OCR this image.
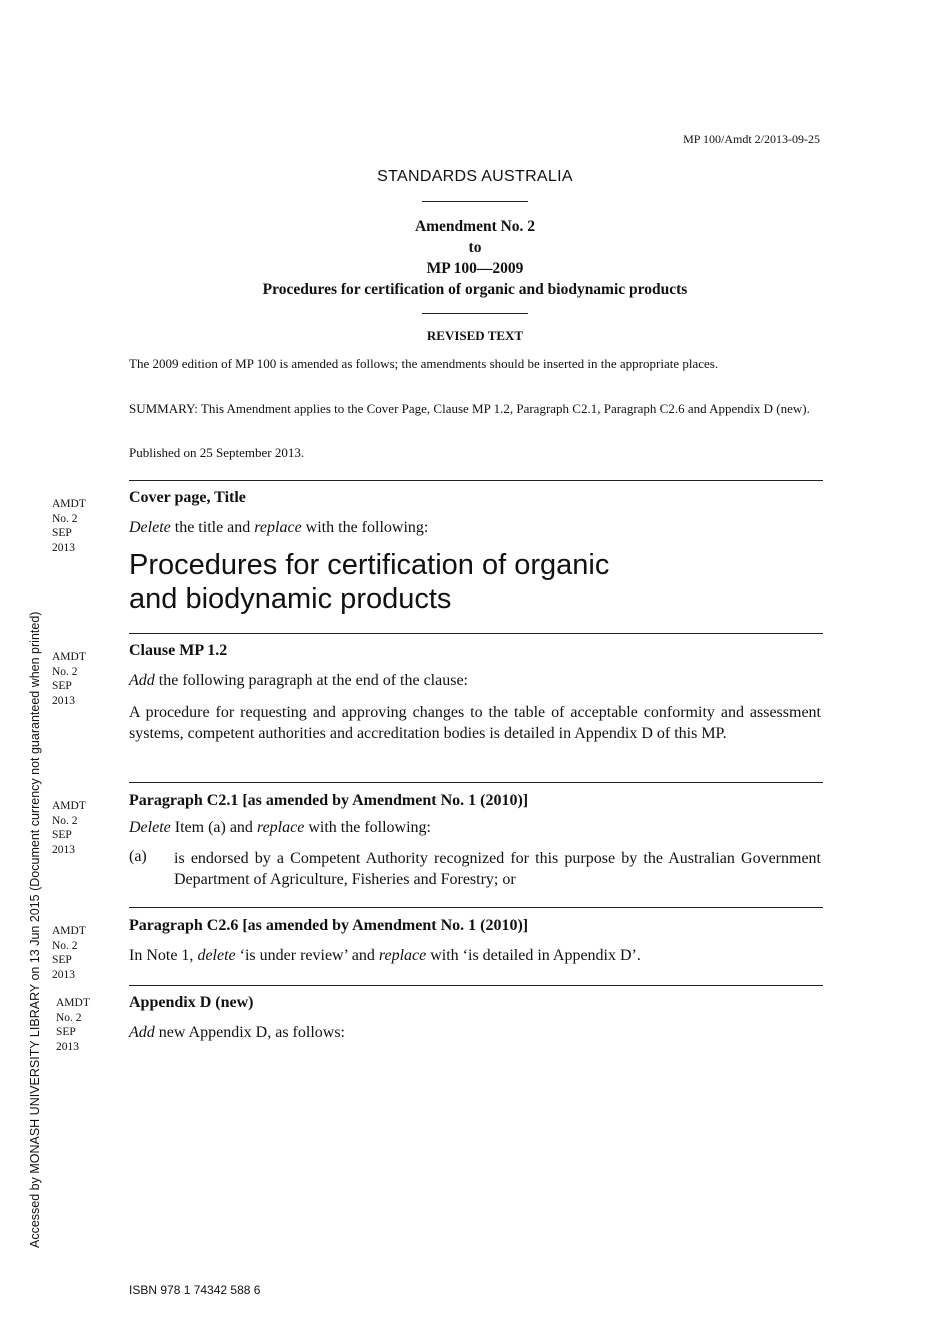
MP 100/Amdt 2/2013-09-25
STANDARDS AUSTRALIA
Amendment No. 2
to
MP 100—2009
Procedures for certification of organic and biodynamic products
REVISED TEXT
The 2009 edition of MP 100 is amended as follows; the amendments should be inserted in the appropriate places.
SUMMARY: This Amendment applies to the Cover Page, Clause MP 1.2, Paragraph C2.1, Paragraph C2.6 and Appendix D (new).
Published on 25 September 2013.
AMDT
No. 2
SEP
2013
Cover page, Title
Delete the title and replace with the following:
Procedures for certification of organic
and biodynamic products
AMDT
No. 2
SEP
2013
Clause MP 1.2
Add the following paragraph at the end of the clause:
A procedure for requesting and approving changes to the table of acceptable conformity and assessment systems, competent authorities and accreditation bodies is detailed in Appendix D of this MP.
AMDT
No. 2
SEP
2013
Paragraph C2.1 [as amended by Amendment No. 1 (2010)]
Delete Item (a) and replace with the following:
(a) is endorsed by a Competent Authority recognized for this purpose by the Australian Government Department of Agriculture, Fisheries and Forestry; or
AMDT
No. 2
SEP
2013
Paragraph C2.6 [as amended by Amendment No. 1 (2010)]
In Note 1, delete ‘is under review’ and replace with ‘is detailed in Appendix D’.
AMDT
No. 2
SEP
2013
Appendix D (new)
Add new Appendix D, as follows:
Accessed by MONASH UNIVERSITY LIBRARY on 13 Jun 2015 (Document currency not guaranteed when printed)
ISBN 978 1 74342 588 6
